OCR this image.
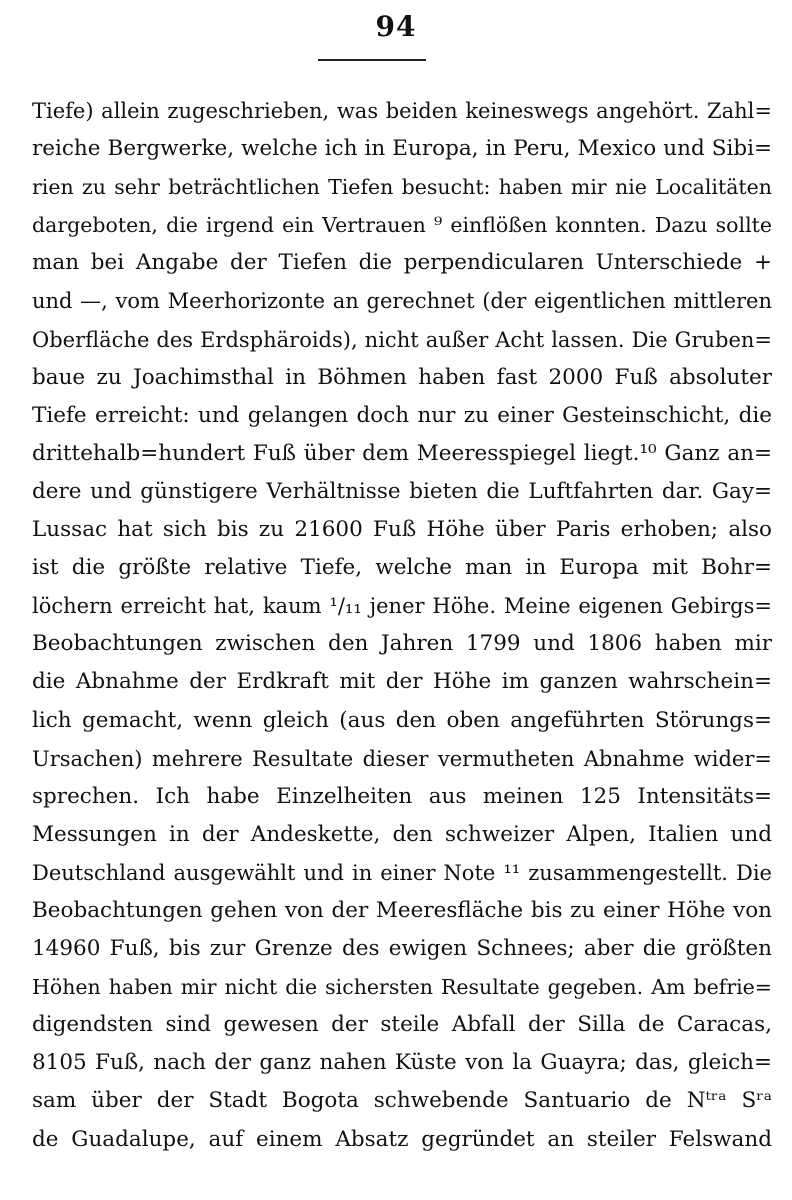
94
Tiefe) allein zugeschrieben, was beiden keineswegs angehört. Zahl=
reiche Bergwerke, welche ich in Europa, in Peru, Mexico und Sibi=
rien zu sehr beträchtlichen Tiefen besucht: haben mir nie Localitäten
dargeboten, die irgend ein Vertrauen ⁹ einflößen konnten. Dazu sollte
man bei Angabe der Tiefen die perpendicularen Unterschiede +
und —, vom Meerhorizonte an gerechnet (der eigentlichen mittleren
Oberfläche des Erdsphäroids), nicht außer Acht lassen. Die Gruben=
baue zu Joachimsthal in Böhmen haben fast 2000 Fuß absoluter
Tiefe erreicht: und gelangen doch nur zu einer Gesteinschicht, die
drittehalb=hundert Fuß über dem Meeresspiegel liegt.¹⁰ Ganz an=
dere und günstigere Verhältnisse bieten die Luftfahrten dar. Gay=
Lussac hat sich bis zu 21600 Fuß Höhe über Paris erhoben; also
ist die größte relative Tiefe, welche man in Europa mit Bohr=
löchern erreicht hat, kaum ¹/₁₁ jener Höhe. Meine eigenen Gebirgs=
Beobachtungen zwischen den Jahren 1799 und 1806 haben mir
die Abnahme der Erdkraft mit der Höhe im ganzen wahrschein=
lich gemacht, wenn gleich (aus den oben angeführten Störungs=
Ursachen) mehrere Resultate dieser vermutheten Abnahme wider=
sprechen. Ich habe Einzelheiten aus meinen 125 Intensitäts=
Messungen in der Andeskette, den schweizer Alpen, Italien und
Deutschland ausgewählt und in einer Note ¹¹ zusammengestellt. Die
Beobachtungen gehen von der Meeresfläche bis zu einer Höhe von
14960 Fuß, bis zur Grenze des ewigen Schnees; aber die größten
Höhen haben mir nicht die sichersten Resultate gegeben. Am befrie=
digendsten sind gewesen der steile Abfall der Silla de Caracas,
8105 Fuß, nach der ganz nahen Küste von la Guayra; das, gleich=
sam über der Stadt Bogota schwebende Santuario de Nᵗʳᵃ Sʳᵃ
de Guadalupe, auf einem Absatz gegründet an steiler Felswand
